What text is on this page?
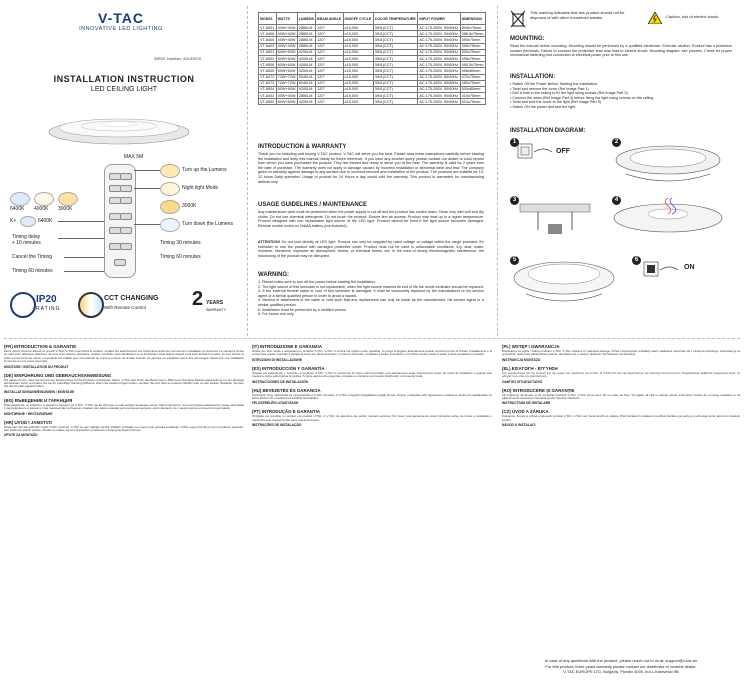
V-TAC
INNOVATIVE LED LIGHTING
WEEE Number: 80133970
INSTALLATION INSTRUCTION
LED CEILING LIGHT
MAX 5M
Turn up the Lumens
Night light Mode
3000K
Turn down the Lumens
Timing 30 minutes
Timing 60 minutes
6400K 4000K 3000K
K+	6400K
Timing delay
+ 10 minutes
Cancel the Timing
Timing 60 minutes
IP20
RATING
CCT CHANGING
With Remote Control 2 YEARS
WARRANTY
MODEL	WATTS	LUMENS	BEAM ANGLE	ON/OFF CYCLE	COLOR TEMPERATURE	INPUT POWER	DIMENSION
VT-8401	40W+40W	2880LM	120°	≥15,000	3IN1(CCT)	AC:175-265V, 50/60Hz	Ø45x75mm
VT-8406	40W+40W	2880LM	120°	≥15,000	3IN1(CCT)	AC:175-265V, 50/60Hz	388.5x75mm
VT-8405	40W+40W	2880LM	120°	≥15,000	3IN1(CCT)	AC:175-265V, 50/60Hz	395x75mm
VT-8403	40W+40W	2880LM	120°	≥15,000	3IN1(CCT)	AC:175-265V, 50/60Hz	395x75mm
VT-8501	60W+60W	4200LM	120°	≥15,000	3IN1(CCT)	AC:175-265V, 50/60Hz	500x75mm
VT-8503	60W+60W	4200LM	120°	≥15,000	3IN1(CCT)	AC:175-265V, 50/60Hz	495x75mm
VT-8506	60W+60W	4200LM	120°	≥15,000	3IN1(CCT)	AC:175-265V, 50/60Hz	495.5x75mm
VT-8505	60W+60W	4200LM	120°	≥15,000	3IN1(CCT)	AC:175-265V, 50/60Hz	496x80mm
VT-8472	72W+72W	5040LM	120°	≥15,000	3IN1(CCT)	AC:175-265V, 50/60Hz	470x75mm
VT-8473	72W+72W	5040LM	120°	≥15,000	3IN1(CCT)	AC:175-265V, 50/60Hz	480x75mm
VT-8504	60W+60W	4200LM	120°	≥15,000	3IN1(CCT)	AC:175-265V, 50/60Hz	500x85mm
VT-8402	40W+40W	2880LM	120°	≥15,000	3IN1(CCT)	AC:175-265V, 50/60Hz	410x75mm
VT-8502	60W+60W	4200LM	120°	≥15,000	3IN1(CCT)	AC:175-265V, 50/60Hz	510x75mm
INTRODUCTION & WARRANTY
Thank you for selecting and buying V-TAC product. V-TAC will serve you the best. Please read these instructions carefully before starting the installation and keep this manual handy for future reference. If you have any another query, please contact our dealer or local vendor from whom you have purchased the product. They are trained and ready to serve you at the best. The warranty is valid for 2 years from the date of purchase. The warranty does not apply to damage caused by incorrect installation or abnormal wear and tear. The company gives no warranty against damage to any surface due to incorrect removal and installation of the product. The products are suitable for 10-12 hours Daily operation. Usage of product for 24 Hours a day would void the warranty. This product is warranted for manufacturing defects only.
USAGE GUIDELINES / MAINTENANCE
Any maintenance work must be performed when the power supply is cut off and the product has cooled down. Clean only with soft and dry cloths. Do not use chemical detergents. Do not touch the product. Ensure fine air access. Product may heat up to a higher temperature. Product designed with non replaceable light source of the LED type. Product cannot be fixed if the light source becomes damaged. Remote control works on 2xAAA battery (not included).
ATTENTION! Do not look directly at LED light. Product can only be supplied by rated voltage or voltage within the range provided. It's forbidden to use the product with damaged protective cover. Product must not be used in unfavorable conditions, e.g. dust, water, moisture, vibrations, explosive air atmosphere, fumes, or chemical fumes, etc. In the area of strong electromagnetic interference, the functioning of the product may be disrupted.
WARNING:
1. Please make sure to turn off the power before starting the installation.
2. The light source of this luminaire is not replaceable, when the light source reaches its end of life the whole luminaire should be replaced.
3. If the external flexible cable or cord of this luminaire is damaged, it shall be exclusively replaced by the manufacturer or his service agent or a similar qualified person in order to avoid a hazard.
4. Method of attachment of the cable or cord such that any replacement can only be made by the manufacturer, his service agent or a similar qualified person.
5. Installation must be performed by a certified person.
6. For indoor use only
This marking indicates that this product should not be disposed of with other household wastes.	Caution, risk of electric shock.
MOUNTING:
Read the manual before mounting. Mounting should be performed by a qualified electrician. Exercise caution: Product has a protective contact (terminal). Failure to connect the protective lead may lead to electric shock. Mounting diagram: see pictures. Check for proper mechanical fastening and connection to electrical power prior to first use.
INSTALLATION:
• Switch Off the Power Before Starting the Installation.
• Twist and remove the cover (Ref Image Part 1)
• Drill a hole in the ceiling to fix the light using screws (Ref Image Part 3)
• Connect the wires (Ref Image Part 4) before fixing the light using screws on the ceiling.
• Twist and lock the cover to the light (Ref Image Part 5)
• Switch ON the power and test the light.
INSTALLATION DIAGRAM:
1
OFF
2
3	4
5	6
ON
(FR) INTRODUCTION & GARANTIE

Merci d'avoir choisi et acheté un produit V-TAC. V-TAC vous offrira le meilleur. Veuillez lire attentivement ces instructions avant de commencer l'installation et conservez ce manuel à portée de main pour référence ultérieure. Si vous avez d'autres questions, veuillez contacter notre distributeur ou le fournisseur local auprès duquel vous avez acheté le produit. Ils sont formés et prêts à vous servir au mieux. La garantie est valable pour une période de 2 ans à compter de la date d'achat. La garantie ne s'applique pas à des dommages causés par une installation incorrecte ou une usure anormale.

MONTAGE / INSTALLATION DU PRODUIT
(DE) EINFÜHRUNG UND GEBRAUCHSANWEISUNG

Wir danken Ihnen, dass Sie sich für den Einkauf eines V-TAC Produkts entschieden haben. V-TAC wird Ihnen das Beste bieten. Bitte lesen Sie diese Bedienungsanleitung vor der Montage aufmerksam durch und halten Sie sie für zukünftige Nutzung griffbereit. Wenn Sie weitere Fragen haben, wenden Sie sich bitte an unseren Händler oder an den lokalen Verkäufer, bei dem Sie das Produkt gekauft haben.

INSTALLATIONSANWEISUNGEN / MONTAGE
(BG) ВЪВЕДЕНИЕ И ГАРАНЦИЯ

Благодарим ви, че избрахте и закупихте продукт на V-TAC. V-TAC ще ви обслужи по най-добрия възможен начин. Моля прочетете тези инструкции внимателно преди започване с инсталирането и запазете това ръководство за бъдещи справки. Ако имате някакви допълнителни въпроси, моля свържете се с нашия дилър или местния доставчик.

МОНТИРАНЕ / ИНСТАЛИРАНЕ
(HR) UVOD I JAMSTVO

Hvala vam što ste odabrali i kupili V-TAC proizvod. V-TAC će vas najbolje uslužiti. Pažljivo pročitajte ove upute prije početka instalacije i držite ovaj priručnik pri ruci za buduću upotrebu. Ako imate bilo kakvih pitanja, obratite se našem trgovcu ili lokalnom prodavaču od kojeg ste kupili proizvod.

UPUTE ZA MONTAŽU
(IT) INTRODUZIONE E GARANZIA

Grazie per aver scelto e acquistato un prodotto V-TAC. V-TAC vi servirà nel miglior modo possibile. Si prega di leggere attentamente queste istruzioni prima di iniziare l'installazione e di conservare questo manuale a portata di mano per riferimenti futuri. In caso di domande, contattare il nostro rivenditore o il fornitore locale presso il quale è stato acquistato il prodotto.

ISTRUZIONI DI INSTALLAZIONE
(ES) INTRODUCCIÓN Y GARANTÍA

Gracias por seleccionar y comprar un producto V-TAC. V-TAC le servirá de la mejor manera posible. Lea atentamente estas instrucciones antes de iniciar la instalación y guarde este manual a mano para futuras consultas. Si tiene alguna otra pregunta, póngase en contacto con nuestro distribuidor o proveedor local.

INSTRUCCIONES DE INSTALACIÓN
(HU) BEVEZETÉS ÉS GARANCIA

Köszönjük, hogy választotta és megvásárolta a V-TAC terméket. A V-TAC a legjobb szolgáltatást nyújtja Önnek. Kérjük, a telepítés előtt figyelmesen olvassa el ezeket az utasításokat, és tartsa kéznél ezt a kézikönyvet későbbi használatra.

FELSZERELÉSI UTASÍTÁSOK
(PT) INTRODUÇÃO E GARANTIA

Obrigado por escolher e comprar um produto V-TAC. A V-TAC irá atendê-lo da melhor maneira possível. Por favor, leia atentamente estas instruções antes de iniciar a instalação e mantenha este manual à mão para referência futura.

INSTRUÇÕES DE INSTALAÇÃO
(PL) WSTĘP I GWARANCJA

Dziękujemy za wybór i zakup produktu V-TAC. V-TAC zapewni Ci najlepszą obsługę. Przed rozpoczęciem instalacji należy dokładnie zapoznać się z niniejszą instrukcją i zachować ją na przyszłość. Jeśli masz jakiekolwiek pytania, skontaktuj się z naszym dealerem lub lokalnym sprzedawcą.

INSTRUKCJA MONTAŻU
(EL) ΕΙΣΑΓΩΓΗ - ΕΓΓΥΗΣΗ

Σας ευχαριστούμε για την επιλογή και την αγορά του προϊόντος της V-TAC. Η V-TAC θα σας εξυπηρετήσει με τον καλύτερο δυνατό τρόπο. Παρακαλούμε διαβάστε προσεκτικά αυτές τις οδηγίες πριν από την εγκατάσταση.

ΟΔΗΓΙΕΣ ΕΓΚΑΤΑΣΤΑΣΗΣ
(RO) INTRODUCERE ȘI GARANȚIE

Vă mulțumim că ați ales și ați cumpărat produsul V-TAC. V-TAC vă va servi cât se poate de bine. Vă rugăm să citiți cu atenție aceste instrucțiuni înainte de a începe instalarea și să păstrați acest manual la îndemână pentru referințe ulterioare.

INSTRUCȚIUNI DE INSTALARE
(CZ) ÚVOD A ZÁRUKA

Děkujeme, že jste si vybrali a zakoupili výrobek V-TAC. V-TAC vám bude sloužit co nejlépe. Před zahájením instalace si pečlivě přečtěte tyto pokyny a uchovejte tento návod pro budoucí použití.

NÁVOD K INSTALACI
In case of any questions with the product, please reach out to us at: support@v-tac.eu
For this product, three years warranty please contact our distributor or nearest dealer.
V-TAC EUROPE LTD. Bulgaria, Plovdiv 4000, bul.L.Karavelov 9B
